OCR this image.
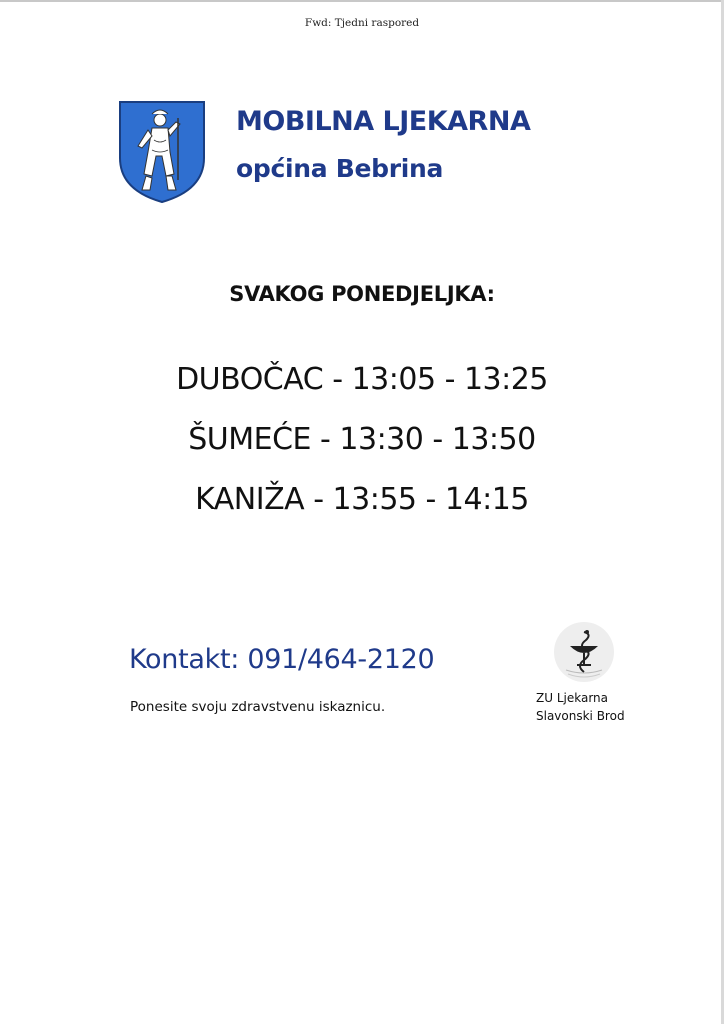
Fwd: Tjedni raspored
MOBILNA LJEKARNA
općina Bebrina
SVAKOG PONEDJELJKA:
DUBOČAC - 13:05 - 13:25
ŠUMEĆE - 13:30 - 13:50
KANIŽA - 13:55 - 14:15
Kontakt: 091/464-2120
Ponesite svoju zdravstvenu iskaznicu.
ZU Ljekarna
Slavonski Brod
